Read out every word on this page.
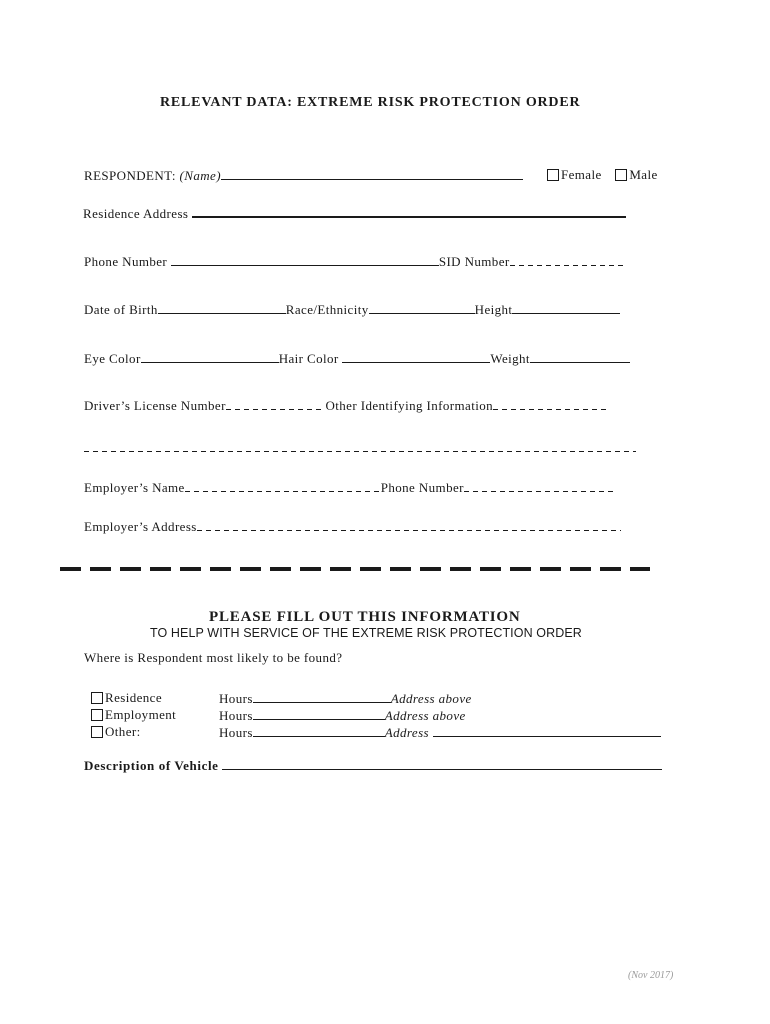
RELEVANT DATA: EXTREME RISK PROTECTION ORDER
RESPONDENT: (Name)	Female Male
Residence Address
Phone Number	SID Number
Date of Birth	Race/Ethnicity	Height
Eye Color	Hair Color	Weight
Driver’s License Number	Other Identifying Information
Employer’s Name	Phone Number
Employer’s Address
PLEASE FILL OUT THIS INFORMATION
TO HELP WITH SERVICE OF THE EXTREME RISK PROTECTION ORDER
Where is Respondent most likely to be found?
Residence	Hours	Address above
Employment	Hours	Address above
Other:	Hours	Address
Description of Vehicle
(Nov 2017)
